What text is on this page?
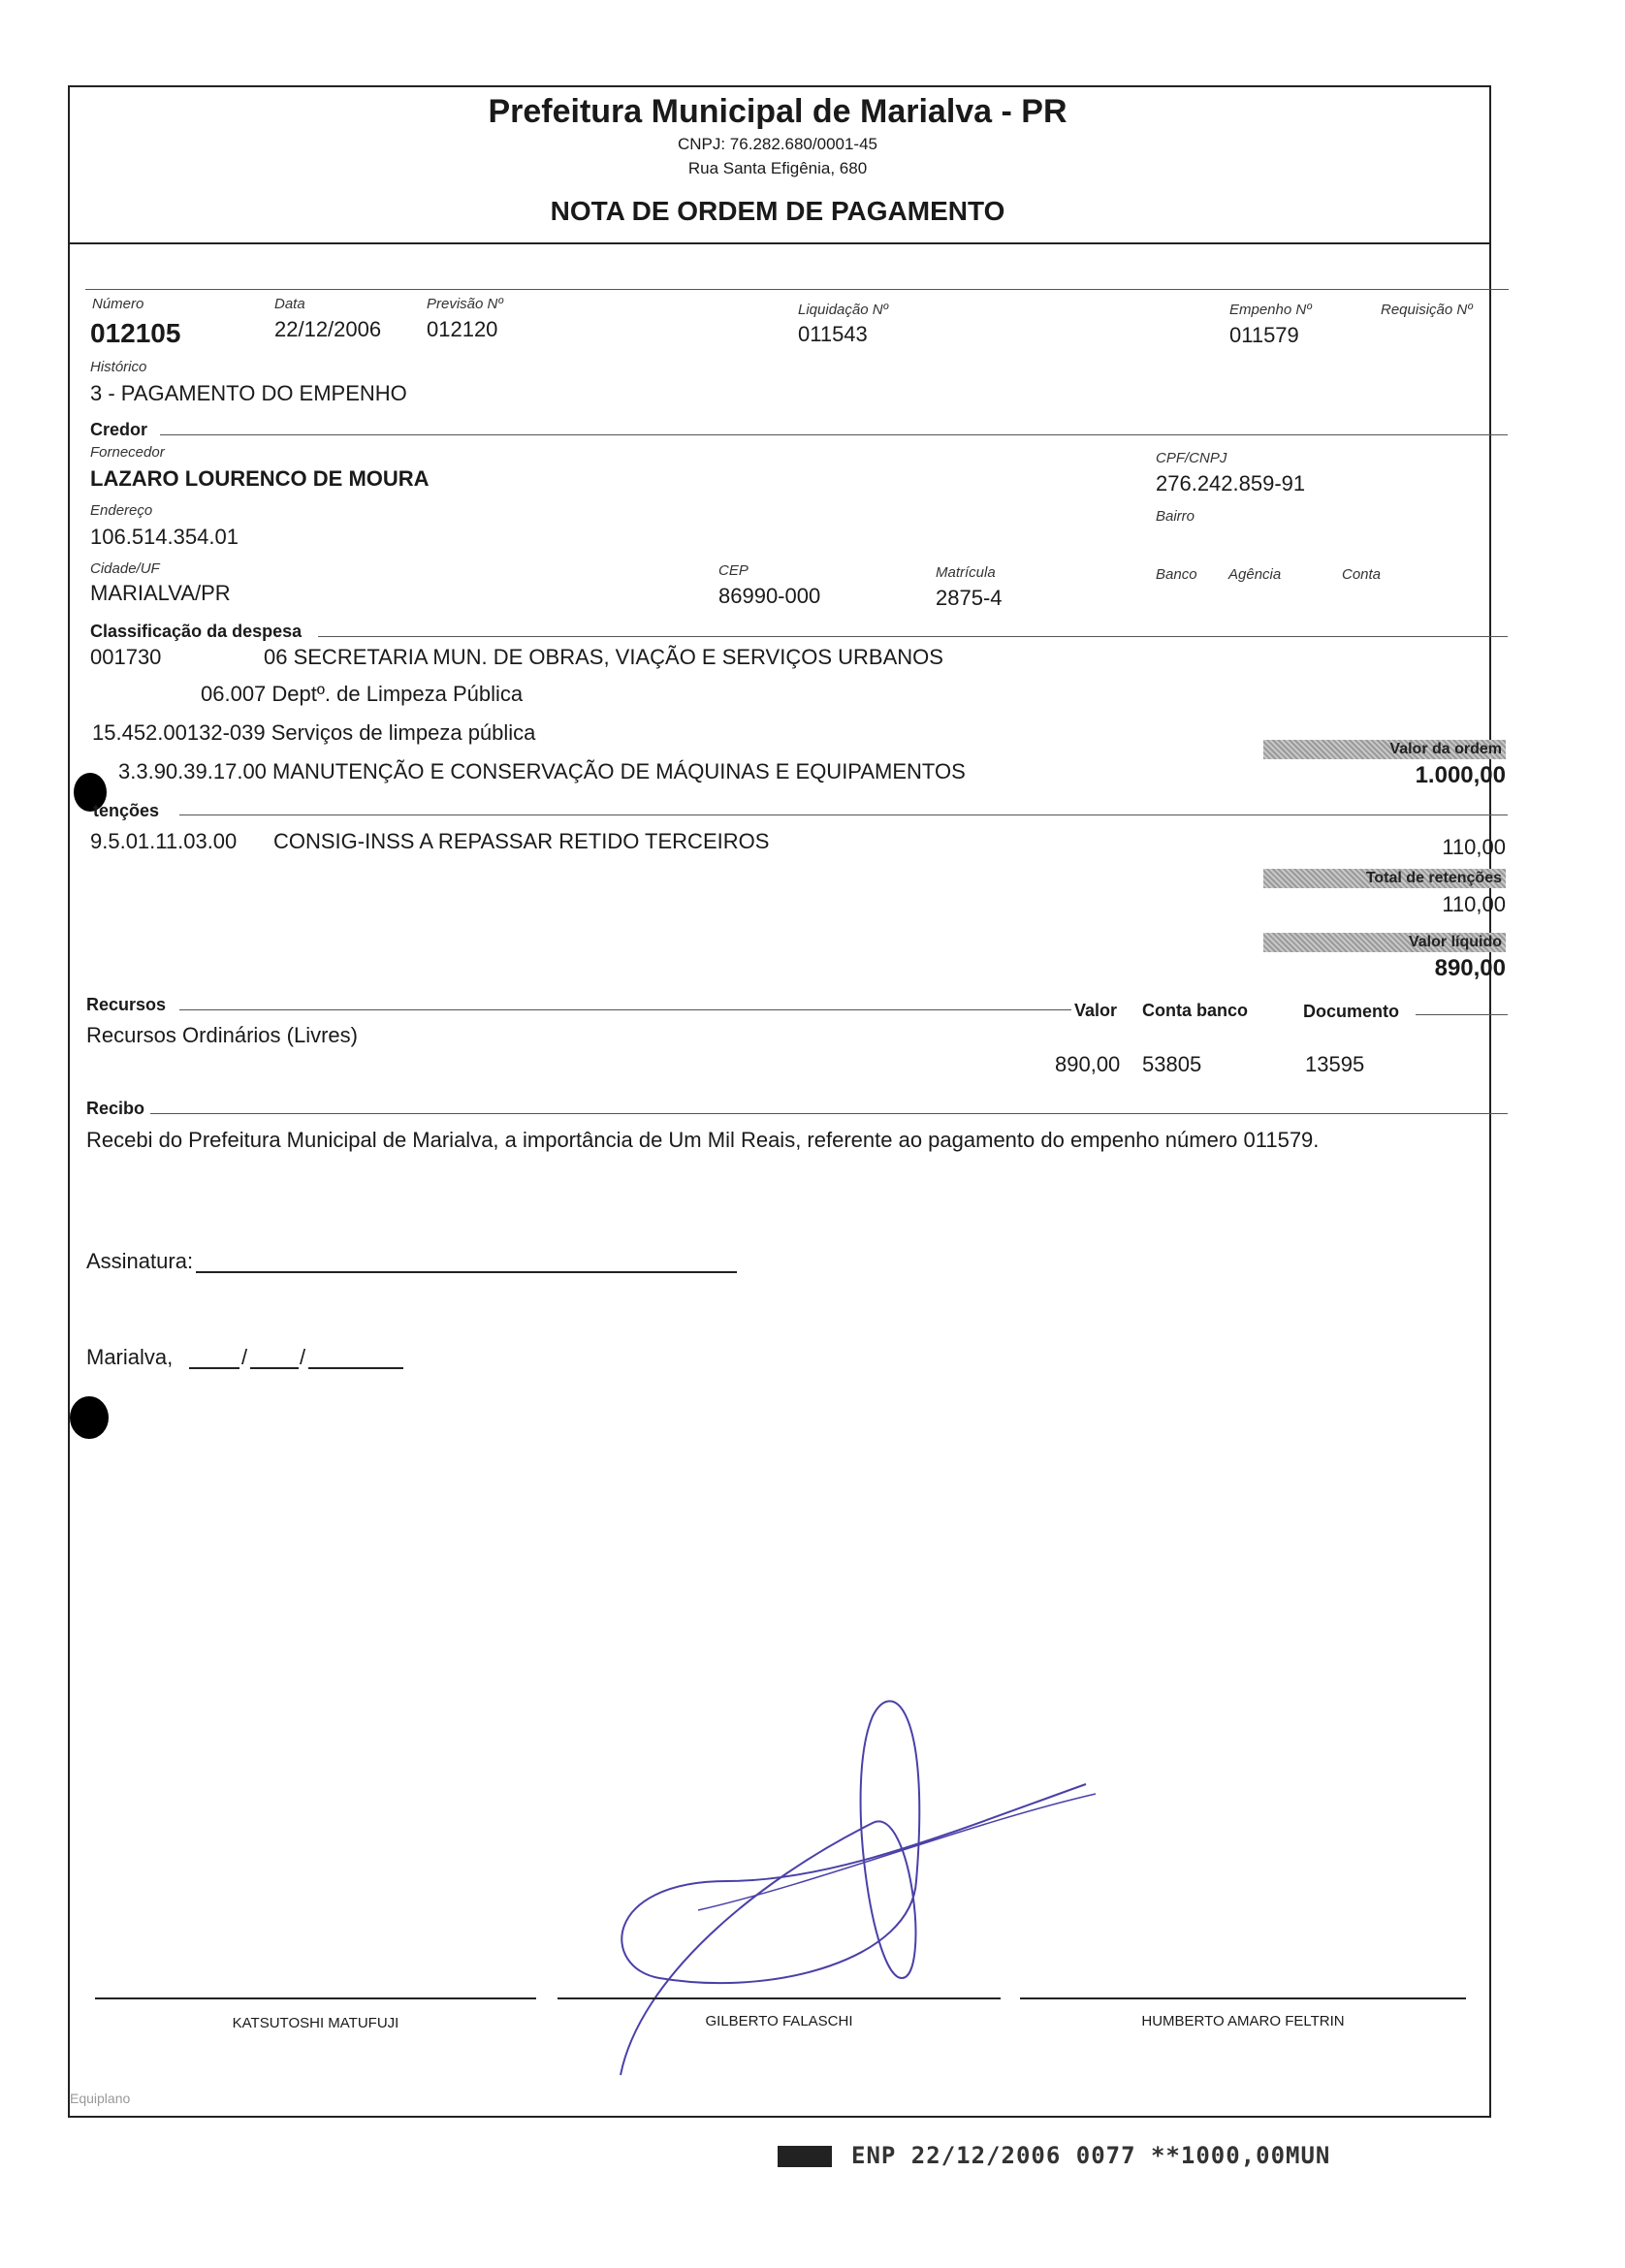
Prefeitura Municipal de Marialva - PR
CNPJ: 76.282.680/0001-45
Rua Santa Efigênia, 680
NOTA DE ORDEM DE PAGAMENTO
Número
012105
Data
22/12/2006
Previsão Nº
012120
Liquidação Nº
011543
Empenho Nº
011579
Requisição Nº
Histórico
3 - PAGAMENTO DO EMPENHO
Credor
Fornecedor
LAZARO LOURENCO DE MOURA
CPF/CNPJ
276.242.859-91
Endereço
106.514.354.01
Bairro
Cidade/UF
MARIALVA/PR
CEP
86990-000
Matrícula
2875-4
Banco Agência	Conta
Classificação da despesa
001730	06 SECRETARIA MUN. DE OBRAS, VIAÇÃO E SERVIÇOS URBANOS
06.007 Deptº. de Limpeza Pública
15.452.00132-039 Serviços de limpeza pública
3.3.90.39.17.00 MANUTENÇÃO E CONSERVAÇÃO DE MÁQUINAS E EQUIPAMENTOS
Valor da ordem
1.000,00
tenções
9.5.01.11.03.00 CONSIG-INSS A REPASSAR RETIDO TERCEIROS	110,00
Total de retenções
110,00
Valor líquido
890,00
Recursos	Valor Conta banco	Documento
Recursos Ordinários (Livres)
890,00 53805	13595
Recibo
Recebi do Prefeitura Municipal de Marialva, a importância de Um Mil Reais, referente ao pagamento do empenho número 011579.
Assinatura:
Marialva,	/ /
KATSUTOSHI MATUFUJI	GILBERTO FALASCHI	HUMBERTO AMARO FELTRIN
Equiplano
ENP 22/12/2006 0077 **1000,00MUN
